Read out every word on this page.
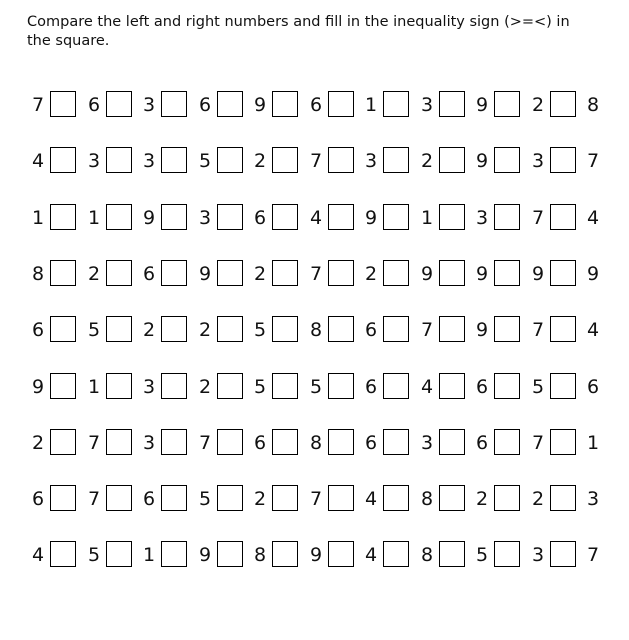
Compare the left and right numbers and fill in the inequality sign (>=<) in the square.

7	6	3	6	9	6	1	3	9	2	8
4	3	3	5	2	7	3	2	9	3	7
1	1	9	3	6	4	9	1	3	7	4
8	2	6	9	2	7	2	9	9	9	9
6	5	2	2	5	8	6	7	9	7	4
9	1	3	2	5	5	6	4	6	5	6
2	7	3	7	6	8	6	3	6	7	1
6	7	6	5	2	7	4	8	2	2	3
4	5	1	9	8	9	4	8	5	3	7
